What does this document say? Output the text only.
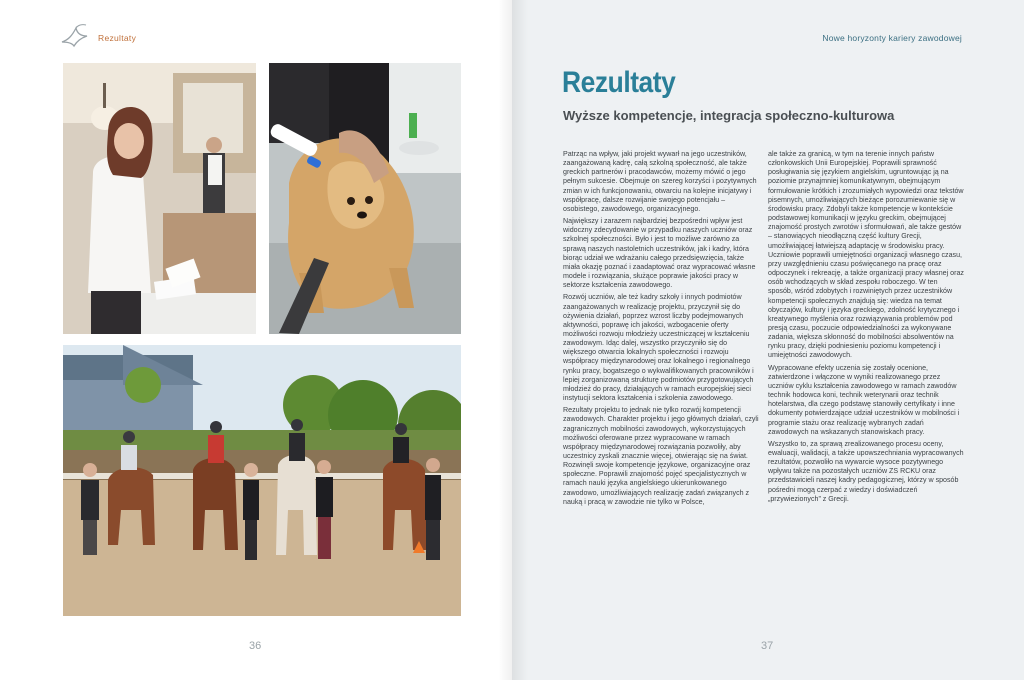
Rezultaty
36
Nowe horyzonty kariery zawodowej
Rezultaty
Wyższe kompetencje, integracja społeczno-kulturowa

Patrząc na wpływ, jaki projekt wywarł na jego uczestników, zaangażowaną kadrę, całą szkolną społeczność, ale także greckich partnerów i pracodawców, możemy mówić o jego pełnym sukcesie. Obejmuje on szereg korzyści i pozytywnych zmian w ich funkcjonowaniu, otwarciu na kolejne inicjatywy i współpracę, dalsze rozwijanie swojego potencjału – osobistego, zawodowego, organizacyjnego.

Największy i zarazem najbardziej bezpośredni wpływ jest widoczny zdecydowanie w przypadku naszych uczniów oraz szkolnej społeczności. Było i jest to możliwe zarówno za sprawą naszych nastoletnich uczestników, jak i kadry, która biorąc udział we wdrażaniu całego przedsięwzięcia, także miała okazję poznać i zaadaptować oraz wypracować własne modele i rozwiązania, służące poprawie jakości pracy w sektorze kształcenia zawodowego.

Rozwój uczniów, ale też kadry szkoły i innych podmiotów zaangażowanych w realizację projektu, przyczynił się do ożywienia działań, poprzez wzrost liczby podejmowanych aktywności, poprawę ich jakości, wzbogacenie oferty możliwości rozwoju młodzieży uczestniczącej w kształceniu zawodowym. Idąc dalej, wszystko przyczyniło się do większego otwarcia lokalnych społeczności i rozwoju współpracy międzynarodowej oraz lokalnego i regionalnego rynku pracy, bogatszego o wykwalifikowanych pracowników i lepiej zorganizowaną strukturę podmiotów przygotowujących młodzież do pracy, działających w ramach europejskiej sieci instytucji sektora kształcenia i szkolenia zawodowego.

Rezultaty projektu to jednak nie tylko rozwój kompetencji zawodowych. Charakter projektu i jego głównych działań, czyli zagranicznych mobilności zawodowych, wykorzystujących możliwości oferowane przez wypracowane w ramach współpracy międzynarodowej rozwiązania pozwoliły, aby uczestnicy zyskali znacznie więcej, otwierając się na świat. Rozwinęli swoje kompetencje językowe, organizacyjne oraz społeczne. Poprawili znajomość pojęć specjalistycznych w ramach nauki języka angielskiego ukierunkowanego zawodowo, umożliwiających realizację zadań związanych z nauką i pracą w zawodzie nie tylko w Polsce,

ale także za granicą, w tym na terenie innych państw członkowskich Unii Europejskiej. Poprawili sprawność posługiwania się językiem angielskim, ugruntowując ją na poziomie przynajmniej komunikatywnym, obejmującym formułowanie krótkich i zrozumiałych wypowiedzi oraz tekstów pisemnych, umożliwiających bieżące porozumiewanie się w środowisku pracy. Zdobyli także kompetencje w kontekście podstawowej komunikacji w języku greckim, obejmującej znajomość prostych zwrotów i sformułowań, ale także gestów – stanowiących nieodłączną część kultury Grecji, umożliwiającej łatwiejszą adaptację w środowisku pracy. Uczniowie poprawili umiejętności organizacji własnego czasu, przy uwzględnieniu czasu poświęcanego na pracę oraz odpoczynek i rekreację, a także organizacji pracy własnej oraz osób wchodzących w skład zespołu roboczego. W ten sposób, wśród zdobytych i rozwiniętych przez uczestników kompetencji społecznych znajdują się: wiedza na temat obyczajów, kultury i języka greckiego, zdolność krytycznego i kreatywnego myślenia oraz rozwiązywania problemów pod presją czasu, poczucie odpowiedzialności za wykonywane zadania, większa skłonność do mobilności absolwentów na rynku pracy, dzięki podniesieniu poziomu kompetencji i umiejętności zawodowych.

Wypracowane efekty uczenia się zostały ocenione, zatwierdzone i włączone w wyniki realizowanego przez uczniów cyklu kształcenia zawodowego w ramach zawodów technik hodowca koni, technik weterynarii oraz technik hotelarstwa, dla czego podstawę stanowiły certyfikaty i inne dokumenty potwierdzające udział uczestników w mobilności i programie stażu oraz realizację wybranych zadań zawodowych na wskazanych stanowiskach pracy.

Wszystko to, za sprawą zrealizowanego procesu oceny, ewaluacji, walidacji, a także upowszechniania wypracowanych rezultatów, pozwoliło na wywarcie wysoce pozytywnego wpływu także na pozostałych uczniów ZS RCKU oraz przedstawicieli naszej kadry pedagogicznej, którzy w sposób pośredni mogą czerpać z wiedzy i doświadczeń „przywiezionych” z Grecji.

37
